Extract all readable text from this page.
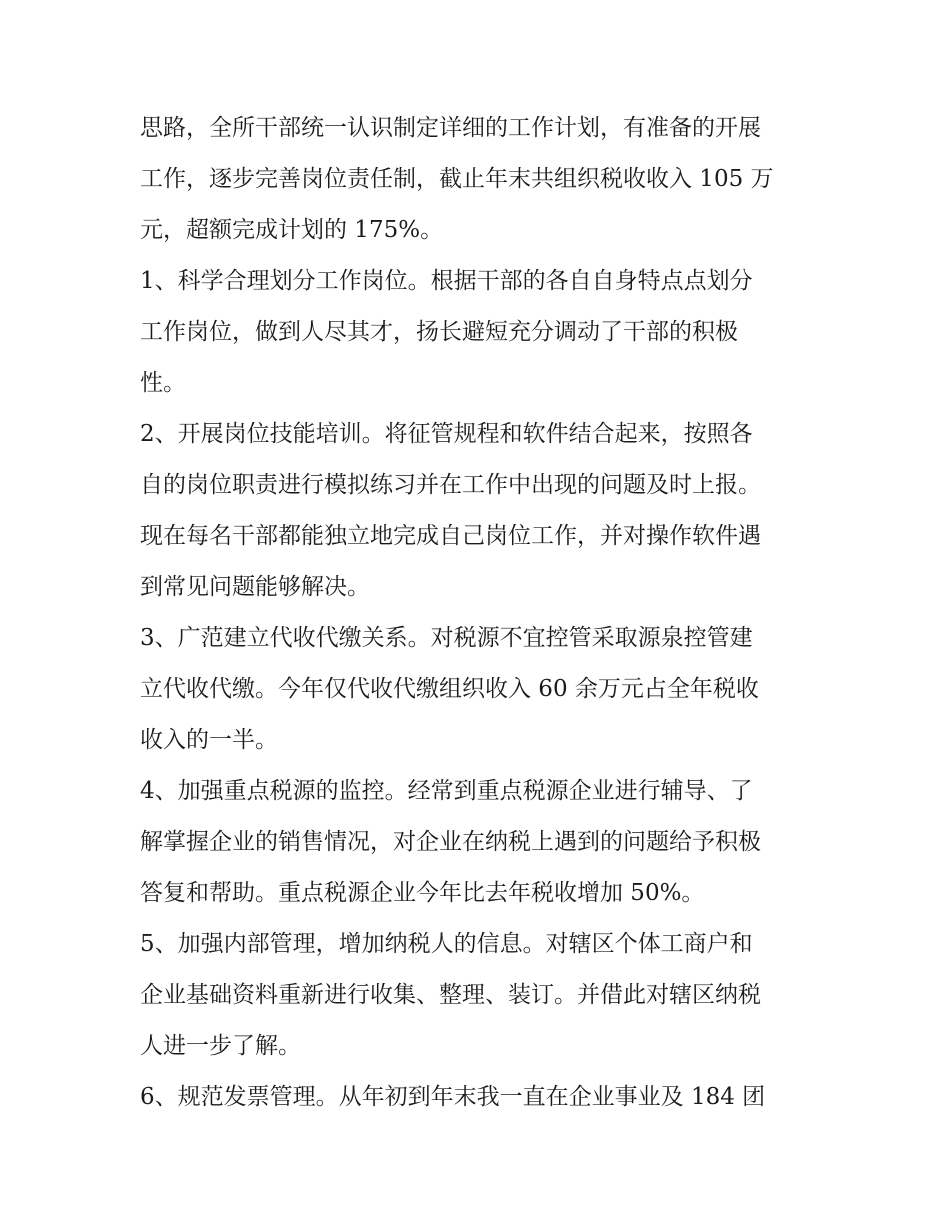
思路，全所干部统一认识制定详细的工作计划，有准备的开展
工作，逐步完善岗位责任制，截止年末共组织税收收入 105 万
元，超额完成计划的 175%。
1、科学合理划分工作岗位。根据干部的各自自身特点点划分
工作岗位，做到人尽其才，扬长避短充分调动了干部的积极
性。
2、开展岗位技能培训。将征管规程和软件结合起来，按照各
自的岗位职责进行模拟练习并在工作中出现的问题及时上报。
现在每名干部都能独立地完成自己岗位工作，并对操作软件遇
到常见问题能够解决。
3、广范建立代收代缴关系。对税源不宜控管采取源泉控管建
立代收代缴。今年仅代收代缴组织收入 60 余万元占全年税收
收入的一半。
4、加强重点税源的监控。经常到重点税源企业进行辅导、了
解掌握企业的销售情况，对企业在纳税上遇到的问题给予积极
答复和帮助。重点税源企业今年比去年税收增加 50%。
5、加强内部管理，增加纳税人的信息。对辖区个体工商户和
企业基础资料重新进行收集、整理、装订。并借此对辖区纳税
人进一步了解。
6、规范发票管理。从年初到年末我一直在企业事业及 184 团
